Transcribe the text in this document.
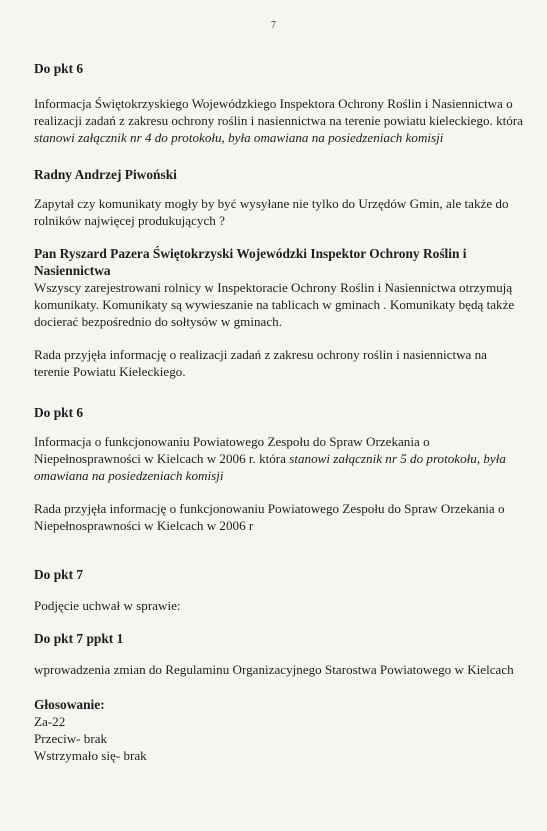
7

Do pkt 6

Informacja Świętokrzyskiego Wojewódzkiego Inspektora Ochrony Roślin i Nasiennictwa o realizacji zadań z zakresu ochrony roślin i nasiennictwa na terenie powiatu kieleckiego. która stanowi załącznik nr 4 do protokołu, była omawiana na posiedzeniach komisji

Radny Andrzej Piwoński

Zapytał czy komunikaty mogły by być wysyłane nie tylko do Urzędów Gmin, ale także do rolników najwięcej produkujących ?

Pan Ryszard Pazera Świętokrzyski Wojewódzki Inspektor Ochrony Roślin i Nasiennictwa

Wszyscy zarejestrowani rolnicy w Inspektoracie Ochrony Roślin i Nasiennictwa otrzymują komunikaty. Komunikaty są wywieszanie na tablicach w gminach . Komunikaty będą także docierać bezpośrednio do sołtysów w gminach.

Rada przyjęła informację o realizacji zadań z zakresu ochrony roślin i nasiennictwa na terenie Powiatu Kieleckiego.

Do pkt 6

Informacja o funkcjonowaniu Powiatowego Zespołu do Spraw Orzekania o Niepełnosprawności w Kielcach w 2006 r. która stanowi załącznik nr 5 do protokołu, była omawiana na posiedzeniach komisji

Rada przyjęła informację o funkcjonowaniu Powiatowego Zespołu do Spraw Orzekania o Niepełnosprawności w Kielcach w 2006 r

Do pkt 7

Podjęcie uchwał w sprawie:

Do pkt 7 ppkt 1

wprowadzenia zmian do Regulaminu Organizacyjnego Starostwa Powiatowego w Kielcach

Głosowanie:

Za-22

Przeciw- brak

Wstrzymało się- brak
